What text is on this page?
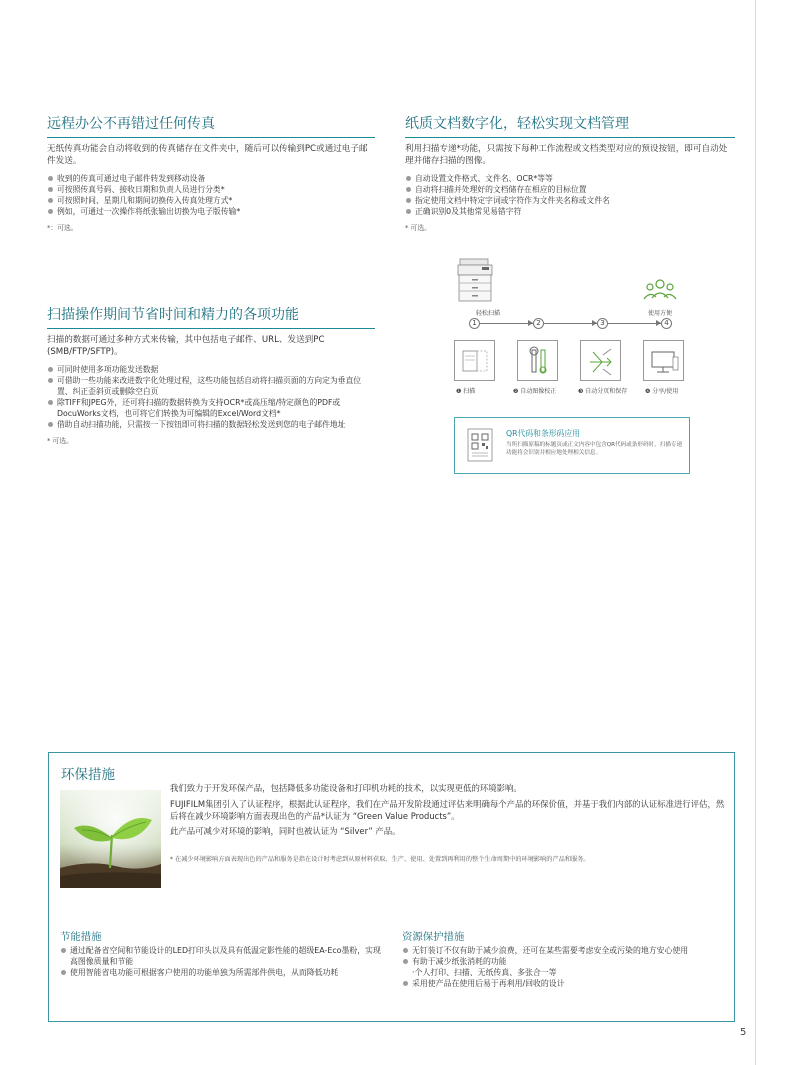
远程办公不再错过任何传真
无纸传真功能会自动将收到的传真储存在文件夹中，随后可以传输到PC或通过电子邮件发送。
收到的传真可通过电子邮件转发到移动设备
可按照传真号码、接收日期和负责人员进行分类*
可按照时间、星期几和期间切换传入传真处理方式*
例如，可通过一次操作将纸张输出切换为电子版传输*
*：可选。
扫描操作期间节省时间和精力的各项功能
扫描的数据可通过多种方式来传输，其中包括电子邮件、URL、发送到PC (SMB/FTP/SFTP)。
可同时使用多项功能发送数据
可借助一些功能来改进数字化处理过程，这些功能包括自动将扫描页面的方向定为垂直位置、纠正歪斜页或删除空白页
除TIFF和JPEG外，还可将扫描的数据转换为支持OCR*或高压缩/特定颜色的PDF或DocuWorks文档，也可将它们转换为可编辑的Excel/Word文档*
借助自动扫描功能，只需按一下按钮即可将扫描的数据轻松发送到您的电子邮件地址
* 可选。
纸质文档数字化，轻松实现文档管理
利用扫描专递*功能，只需按下每种工作流程或文档类型对应的预设按钮，即可自动处理并储存扫描的图像。
自动设置文件格式、文件名、OCR*等等
自动将扫描并处理好的文档储存在相应的目标位置
指定使用文档中特定字词或字符作为文件夹名称或文件名
正确识别0及其他常见易错字符
* 可选。
轻松扫描	使用方便
1	2	3	4
❶ 扫描	❷ 自动图像校正	❸ 自动分页和保存	❹ 分享/使用
QR代码和条形码应用
当所扫描原稿的标题页或正文内容中包含QR代码或条形码时，扫描专递功能将会识别并相应地处理相关信息。
环保措施

我们致力于开发环保产品，包括降低多功能设备和打印机功耗的技术，以实现更低的环境影响。

FUJIFILM集团引入了认证程序，根据此认证程序，我们在产品开发阶段通过评估来明确每个产品的环保价值，并基于我们内部的认证标准进行评估，然后将在减少环境影响方面表现出色的产品*认证为 “Green Value Products”。

此产品可减少对环境的影响，同时也被认证为 “Silver” 产品。

* 在减少环境影响方面表现出色的产品和服务是指在设计时考虑到从原材料获取、生产、使用、处置到再利用的整个生命周期中的环境影响的产品和服务。
节能措施
通过配备省空间和节能设计的LED打印头以及具有低温定影性能的超级EA-Eco墨粉，实现高图像质量和节能
使用智能省电功能可根据客户使用的功能单独为所需部件供电，从而降低功耗
资源保护措施
无钉装订不仅有助于减少浪费，还可在某些需要考虑安全或污染的地方安心使用
有助于减少纸张消耗的功能
·个人打印、扫描、无纸传真、多张合一等
采用使产品在使用后易于再利用/回收的设计
5
